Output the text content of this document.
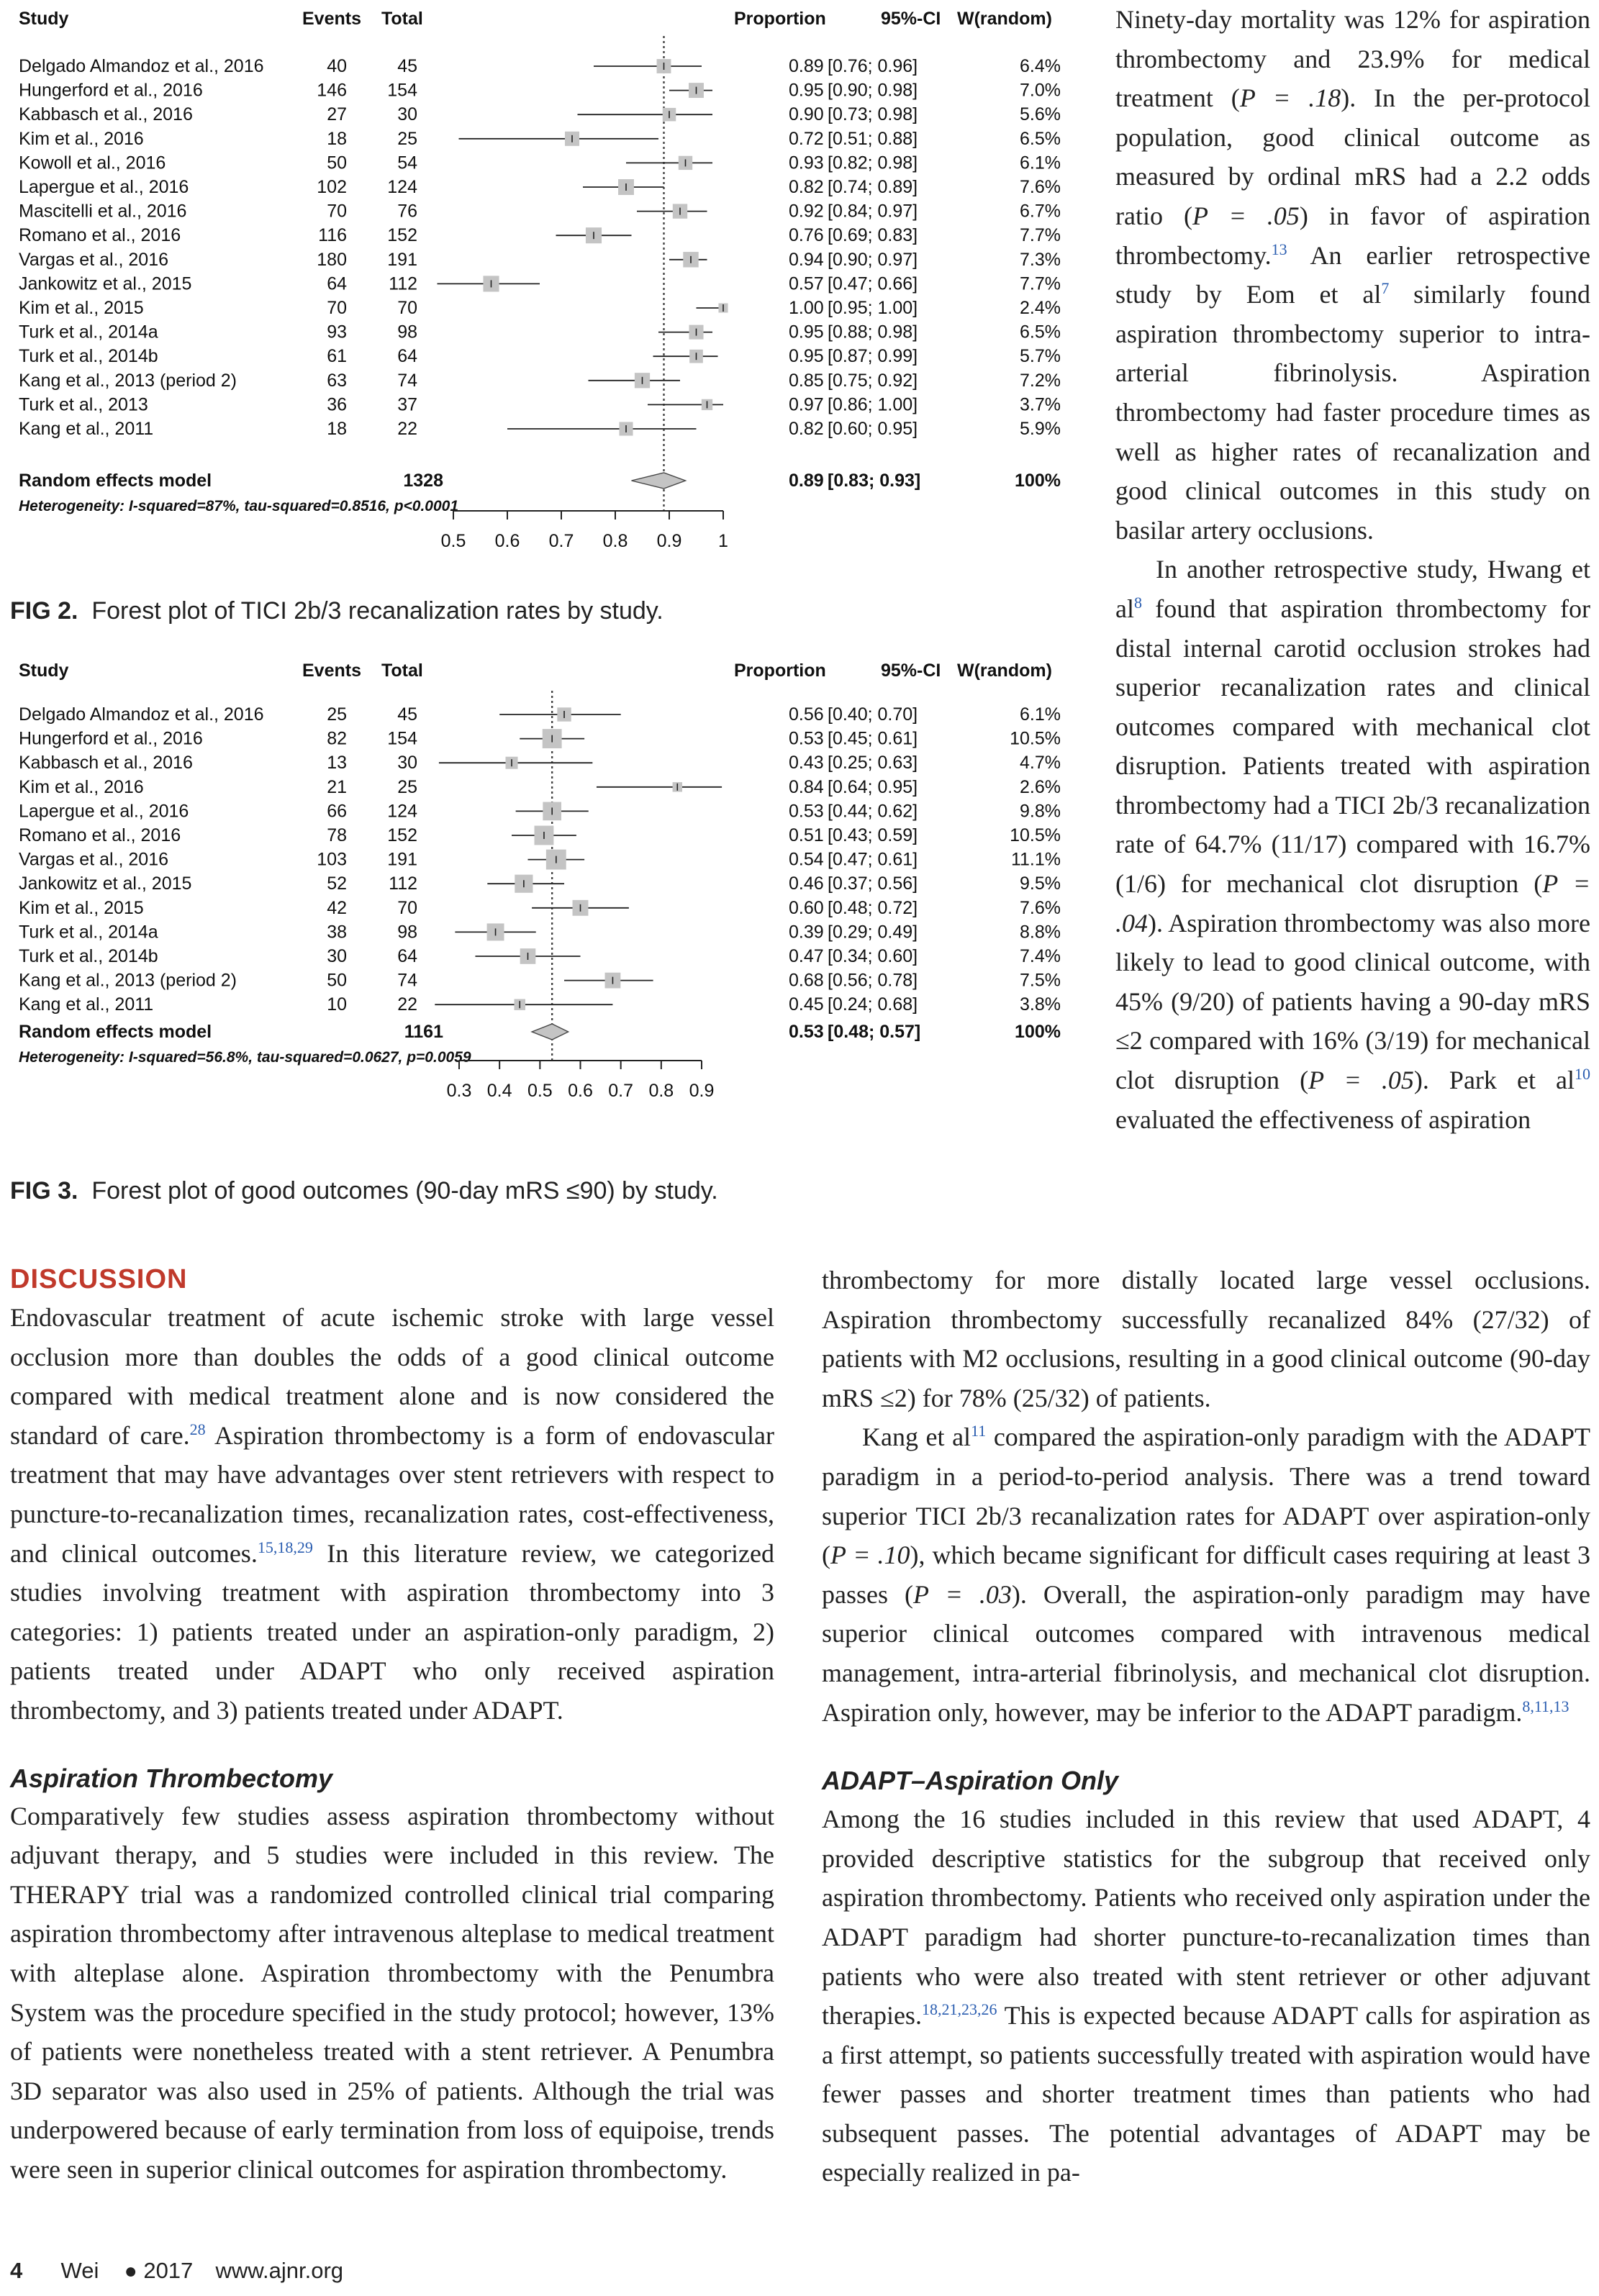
Study	Events Total	Proportion	95%-CI W(random)
Delgado Almandoz et al., 2016	40	45	0.89 [0.76; 0.96]	6.4%
Hungerford et al., 2016	146 154	0.95 [0.90; 0.98]	7.0%
Kabbasch et al., 2016	27	30	0.90 [0.73; 0.98]	5.6%
Kim et al., 2016	18	25	0.72 [0.51; 0.88]	6.5%
Kowoll et al., 2016	50	54	0.93 [0.82; 0.98]	6.1%
Lapergue et al., 2016	102 124	0.82 [0.74; 0.89]	7.6%
Mascitelli et al., 2016	70	76	0.92 [0.84; 0.97]	6.7%
Romano et al., 2016	116 152	0.76 [0.69; 0.83]	7.7%
Vargas et al., 2016	180 191	0.94 [0.90; 0.97]	7.3%
Jankowitz et al., 2015	64 112	0.57 [0.47; 0.66]	7.7%
Kim et al., 2015	70	70	1.00 [0.95; 1.00]	2.4%
Turk et al., 2014a	93	98	0.95 [0.88; 0.98]	6.5%
Turk et al., 2014b	61	64	0.95 [0.87; 0.99]	5.7%
Kang et al., 2013 (period 2)	63	74	0.85 [0.75; 0.92]	7.2%
Turk et al., 2013	36	37	0.97 [0.86; 1.00]	3.7%
Kang et al., 2011	18	22	0.82 [0.60; 0.95]	5.9%
Random effects model	1328	0.89 [0.83; 0.93]	100%
Heterogeneity: I-squared=87%, tau-squared=0.8516, p<0.0001
0.5 0.6 0.7 0.8 0.9 1
FIG 2. Forest plot of TICI 2b/3 recanalization rates by study.
Study	Events Total	Proportion	95%-CI W(random)
Delgado Almandoz et al., 2016	25	45	0.56 [0.40; 0.70]	6.1%
Hungerford et al., 2016	82 154	0.53 [0.45; 0.61]	10.5%
Kabbasch et al., 2016	13	30	0.43 [0.25; 0.63]	4.7%
Kim et al., 2016	21	25	0.84 [0.64; 0.95]	2.6%
Lapergue et al., 2016	66 124	0.53 [0.44; 0.62]	9.8%
Romano et al., 2016	78 152	0.51 [0.43; 0.59]	10.5%
Vargas et al., 2016	103 191	0.54 [0.47; 0.61]	11.1%
Jankowitz et al., 2015	52 112	0.46 [0.37; 0.56]	9.5%
Kim et al., 2015	42	70	0.60 [0.48; 0.72]	7.6%
Turk et al., 2014a	38	98	0.39 [0.29; 0.49]	8.8%
Turk et al., 2014b	30	64	0.47 [0.34; 0.60]	7.4%
Kang et al., 2013 (period 2)	50	74	0.68 [0.56; 0.78]	7.5%
Kang et al., 2011	10	22	0.45 [0.24; 0.68]	3.8%
Random effects model	1161	0.53 [0.48; 0.57]	100%
Heterogeneity: I-squared=56.8%, tau-squared=0.0627, p=0.0059
0.3 0.4 0.5 0.6 0.7 0.8 0.9
FIG 3. Forest plot of good outcomes (90-day mRS ≤90) by study.

Ninety-day mortality was 12% for aspiration thrombectomy and 23.9% for medical treatment (P = .18). In the per-protocol population, good clinical outcome as measured by ordinal mRS had a 2.2 odds ratio (P = .05) in favor of aspiration thrombectomy.$^{13}$ An earlier retrospective study by Eom et $al^7$ similarly found aspiration thrombectomy superior to intra-arterial fibrinolysis. Aspiration thrombectomy had faster procedure times as well as higher rates of recanalization and good clinical outcomes in this study on basilar artery occlusions.

In another retrospective study, Hwang et $al^8$ found that aspiration thrombectomy for distal internal carotid occlusion strokes had superior recanalization rates and clinical outcomes compared with mechanical clot disruption. Patients treated with aspiration thrombectomy had a TICI 2b/3 recanalization rate of 64.7% (11/17) compared with 16.7% (1/6) for mechanical clot disruption (P = .04). Aspiration thrombectomy was also more likely to lead to good clinical outcome, with 45% (9/20) of patients having a 90-day mRS ≤2 compared with 16% (3/19) for mechanical clot disruption (P = .05). Park et $al^{10}$ evaluated the effectiveness of aspiration

thrombectomy for more distally located large vessel occlusions. Aspiration thrombectomy successfully recanalized 84% (27/32) of patients with M2 occlusions, resulting in a good clinical outcome (90-day mRS ≤2) for 78% (25/32) of patients.

Kang et $al^{11}$ compared the aspiration-only paradigm with the ADAPT paradigm in a period-to-period analysis. There was a trend toward superior TICI 2b/3 recanalization rates for ADAPT over aspiration-only (P = .10), which became significant for difficult cases requiring at least 3 passes (P = .03). Overall, the aspiration-only paradigm may have superior clinical outcomes compared with intravenous medical management, intra-arterial fibrinolysis, and mechanical clot disruption. Aspiration only, however, may be inferior to the ADAPT paradigm.$^{8,11,13}$

ADAPT–Aspiration Only

Among the 16 studies included in this review that used ADAPT, 4 provided descriptive statistics for the subgroup that received only aspiration thrombectomy. Patients who received only aspiration under the ADAPT paradigm had shorter puncture-to-recanalization times than patients who were also treated with stent retriever or other adjuvant therapies.$^{18,21,23,26}$ This is expected because ADAPT calls for aspiration as a first attempt, so patients successfully treated with aspiration would have fewer passes and shorter treatment times than patients who had subsequent passes. The potential advantages of ADAPT may be especially realized in pa-

DISCUSSION

Endovascular treatment of acute ischemic stroke with large vessel occlusion more than doubles the odds of a good clinical outcome compared with medical treatment alone and is now considered the standard of care.$^{28}$ Aspiration thrombectomy is a form of endovascular treatment that may have advantages over stent retrievers with respect to puncture-to-recanalization times, recanalization rates, cost-effectiveness, and clinical outcomes.$^{15,18,29}$ In this literature review, we categorized studies involving treatment with aspiration thrombectomy into 3 categories: 1) patients treated under an aspiration-only paradigm, 2) patients treated under ADAPT who only received aspiration thrombectomy, and 3) patients treated under ADAPT.

Aspiration Thrombectomy

Comparatively few studies assess aspiration thrombectomy without adjuvant therapy, and 5 studies were included in this review. The THERAPY trial was a randomized controlled clinical trial comparing aspiration thrombectomy after intravenous alteplase to medical treatment with alteplase alone. Aspiration thrombectomy with the Penumbra System was the procedure specified in the study protocol; however, 13% of patients were nonetheless treated with a stent retriever. A Penumbra 3D separator was also used in 25% of patients. Although the trial was underpowered because of early termination from loss of equipoise, trends were seen in superior clinical outcomes for aspiration thrombectomy.

4 Wei ● 2017 www.ajnr.org
